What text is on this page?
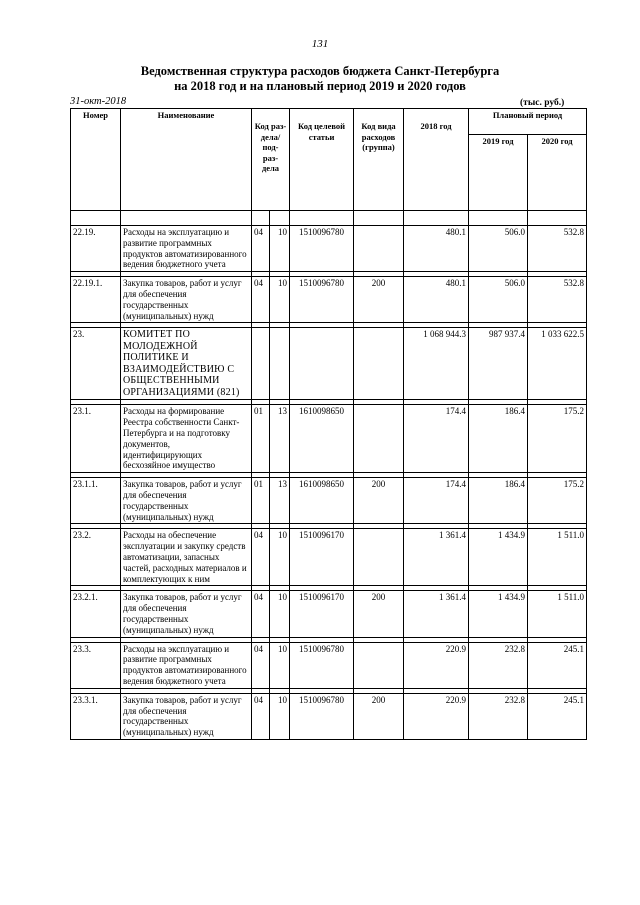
131
Ведомственная структура расходов бюджета Санкт-Петербурга
на 2018 год и на плановый период 2019 и 2020 годов
31-окт-2018	(тыс. руб.)
Номер	Наименование	Код раз- дела/ под- раз- дела		Код целевой статьи	Код вида расходов (группа)	2018 год	Плановый период	
							2019 год	2020 год

22.19.	Расходы на эксплуатацию и развитие программных продуктов автоматизированного ведения бюджетного учета	04	10	1510096780		480.1	506.0	532.8

22.19.1.	Закупка товаров, работ и услуг для обеспечения государственных (муниципальных) нужд	04	10	1510096780	200	480.1	506.0	532.8

23.	КОМИТЕТ ПО МОЛОДЕЖНОЙ ПОЛИТИКЕ И ВЗАИМОДЕЙСТВИЮ С ОБЩЕСТВЕННЫМИ ОРГАНИЗАЦИЯМИ (821)					1 068 944.3	987 937.4	1 033 622.5

23.1.	Расходы на формирование Реестра собственности Санкт-Петербурга и на подготовку документов, идентифицирующих бесхозяйное имущество	01	13	1610098650		174.4	186.4	175.2

23.1.1.	Закупка товаров, работ и услуг для обеспечения государственных (муниципальных) нужд	01	13	1610098650	200	174.4	186.4	175.2

23.2.	Расходы на обеспечение эксплуатации и закупку средств автоматизации, запасных частей, расходных материалов и комплектующих к ним	04	10	1510096170		1 361.4	1 434.9	1 511.0

23.2.1.	Закупка товаров, работ и услуг для обеспечения государственных (муниципальных) нужд	04	10	1510096170	200	1 361.4	1 434.9	1 511.0

23.3.	Расходы на эксплуатацию и развитие программных продуктов автоматизированного ведения бюджетного учета	04	10	1510096780		220.9	232.8	245.1

23.3.1.	Закупка товаров, работ и услуг для обеспечения государственных (муниципальных) нужд	04	10	1510096780	200	220.9	232.8	245.1
